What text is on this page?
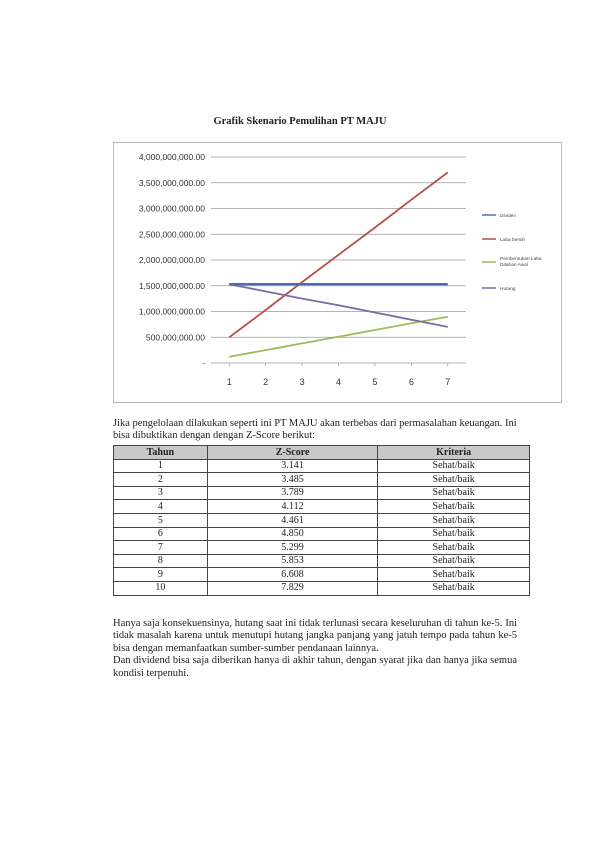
Grafik Skenario Pemulihan PT MAJU
-
500,000,000.00
1,000,000,000.00
1,500,000,000.00
2,000,000,000.00
2,500,000,000.00
3,000,000,000.00
3,500,000,000.00
4,000,000,000.00
1	2	3	4	5	6	7
Dividen
Laba bersih
Pembentukan Laba Ditahan Awal
Hutang
Jika pengelolaan dilakukan seperti ini PT MAJU akan terbebas dari permasalahan keuangan. Ini bisa dibuktikan dengan dengan Z-Score berikut:
Tahun	Z-Score	Kriteria
1	3.141	Sehat/baik
2	3.485	Sehat/baik
3	3.789	Sehat/baik
4	4.112	Sehat/baik
5	4.461	Sehat/baik
6	4.850	Sehat/baik
7	5.299	Sehat/baik
8	5.853	Sehat/baik
9	6.608	Sehat/baik
10	7.829	Sehat/baik

Hanya saja konsekuensinya, hutang saat ini tidak terlunasi secara keseluruhan di tahun ke-5. Ini tidak masalah karena untuk menutupi hutang jangka panjang yang jatuh tempo pada tahun ke-5 bisa dengan memanfaatkan sumber-sumber pendanaan lainnya.

Dan dividend bisa saja diberikan hanya di akhir tahun, dengan syarat jika dan hanya jika semua kondisi terpenuhi.
